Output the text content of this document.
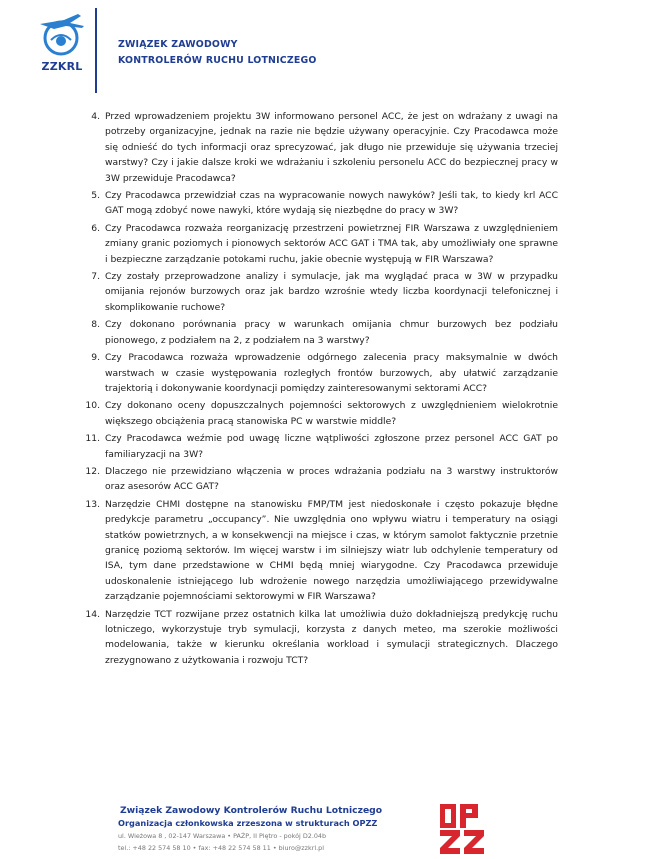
ZZKRL
ZWIĄZEK ZAWODOWY
KONTROLERÓW RUCHU LOTNICZEGO
4. Przed wprowadzeniem projektu 3W informowano personel ACC, że jest on wdrażany z uwagi na potrzeby organizacyjne, jednak na razie nie będzie używany operacyjnie. Czy Pracodawca może się odnieść do tych informacji oraz sprecyzować, jak długo nie przewiduje się używania trzeciej warstwy? Czy i jakie dalsze kroki we wdrażaniu i szkoleniu personelu ACC do bezpiecznej pracy w 3W przewiduje Pracodawca?
5. Czy Pracodawca przewidział czas na wypracowanie nowych nawyków? Jeśli tak, to kiedy krl ACC GAT mogą zdobyć nowe nawyki, które wydają się niezbędne do pracy w 3W?
6. Czy Pracodawca rozważa reorganizację przestrzeni powietrznej FIR Warszawa z uwzględnieniem zmiany granic poziomych i pionowych sektorów ACC GAT i TMA tak, aby umożliwiały one sprawne i bezpieczne zarządzanie potokami ruchu, jakie obecnie występują w FIR Warszawa?
7. Czy zostały przeprowadzone analizy i symulacje, jak ma wyglądać praca w 3W w przypadku omijania rejonów burzowych oraz jak bardzo wzrośnie wtedy liczba koordynacji telefonicznej i skomplikowanie ruchowe?
8. Czy dokonano porównania pracy w warunkach omijania chmur burzowych bez podziału pionowego, z podziałem na 2, z podziałem na 3 warstwy?
9. Czy Pracodawca rozważa wprowadzenie odgórnego zalecenia pracy maksymalnie w dwóch warstwach w czasie występowania rozległych frontów burzowych, aby ułatwić zarządzanie trajektorią i dokonywanie koordynacji pomiędzy zainteresowanymi sektorami ACC?
10. Czy dokonano oceny dopuszczalnych pojemności sektorowych z uwzględnieniem wielokrotnie większego obciążenia pracą stanowiska PC w warstwie middle?
11. Czy Pracodawca weźmie pod uwagę liczne wątpliwości zgłoszone przez personel ACC GAT po familiaryzacji na 3W?
12. Dlaczego nie przewidziano włączenia w proces wdrażania podziału na 3 warstwy instruktorów oraz asesorów ACC GAT?
13. Narzędzie CHMI dostępne na stanowisku FMP/TM jest niedoskonałe i często pokazuje błędne predykcje parametru „occupancy”. Nie uwzględnia ono wpływu wiatru i temperatury na osiągi statków powietrznych, a w konsekwencji na miejsce i czas, w którym samolot faktycznie przetnie granicę poziomą sektorów. Im więcej warstw i im silniejszy wiatr lub odchylenie temperatury od ISA, tym dane przedstawione w CHMI będą mniej wiarygodne. Czy Pracodawca przewiduje udoskonalenie istniejącego lub wdrożenie nowego narzędzia umożliwiającego przewidywalne zarządzanie pojemnościami sektorowymi w FIR Warszawa?
14. Narzędzie TCT rozwijane przez ostatnich kilka lat umożliwia dużo dokładniejszą predykcję ruchu lotniczego, wykorzystuje tryb symulacji, korzysta z danych meteo, ma szerokie możliwości modelowania, także w kierunku określania workload i symulacji strategicznych. Dlaczego zrezygnowano z użytkowania i rozwoju TCT?
Związek Zawodowy Kontrolerów Ruchu Lotniczego
Organizacja członkowska zrzeszona w strukturach OPZZ
ul. Wieżowa 8 , 02-147 Warszawa • PAŻP, II Piętro - pokój D2.04b
tel.: +48 22 574 58 10 • fax: +48 22 574 58 11 • biuro@zzkrl.pl
